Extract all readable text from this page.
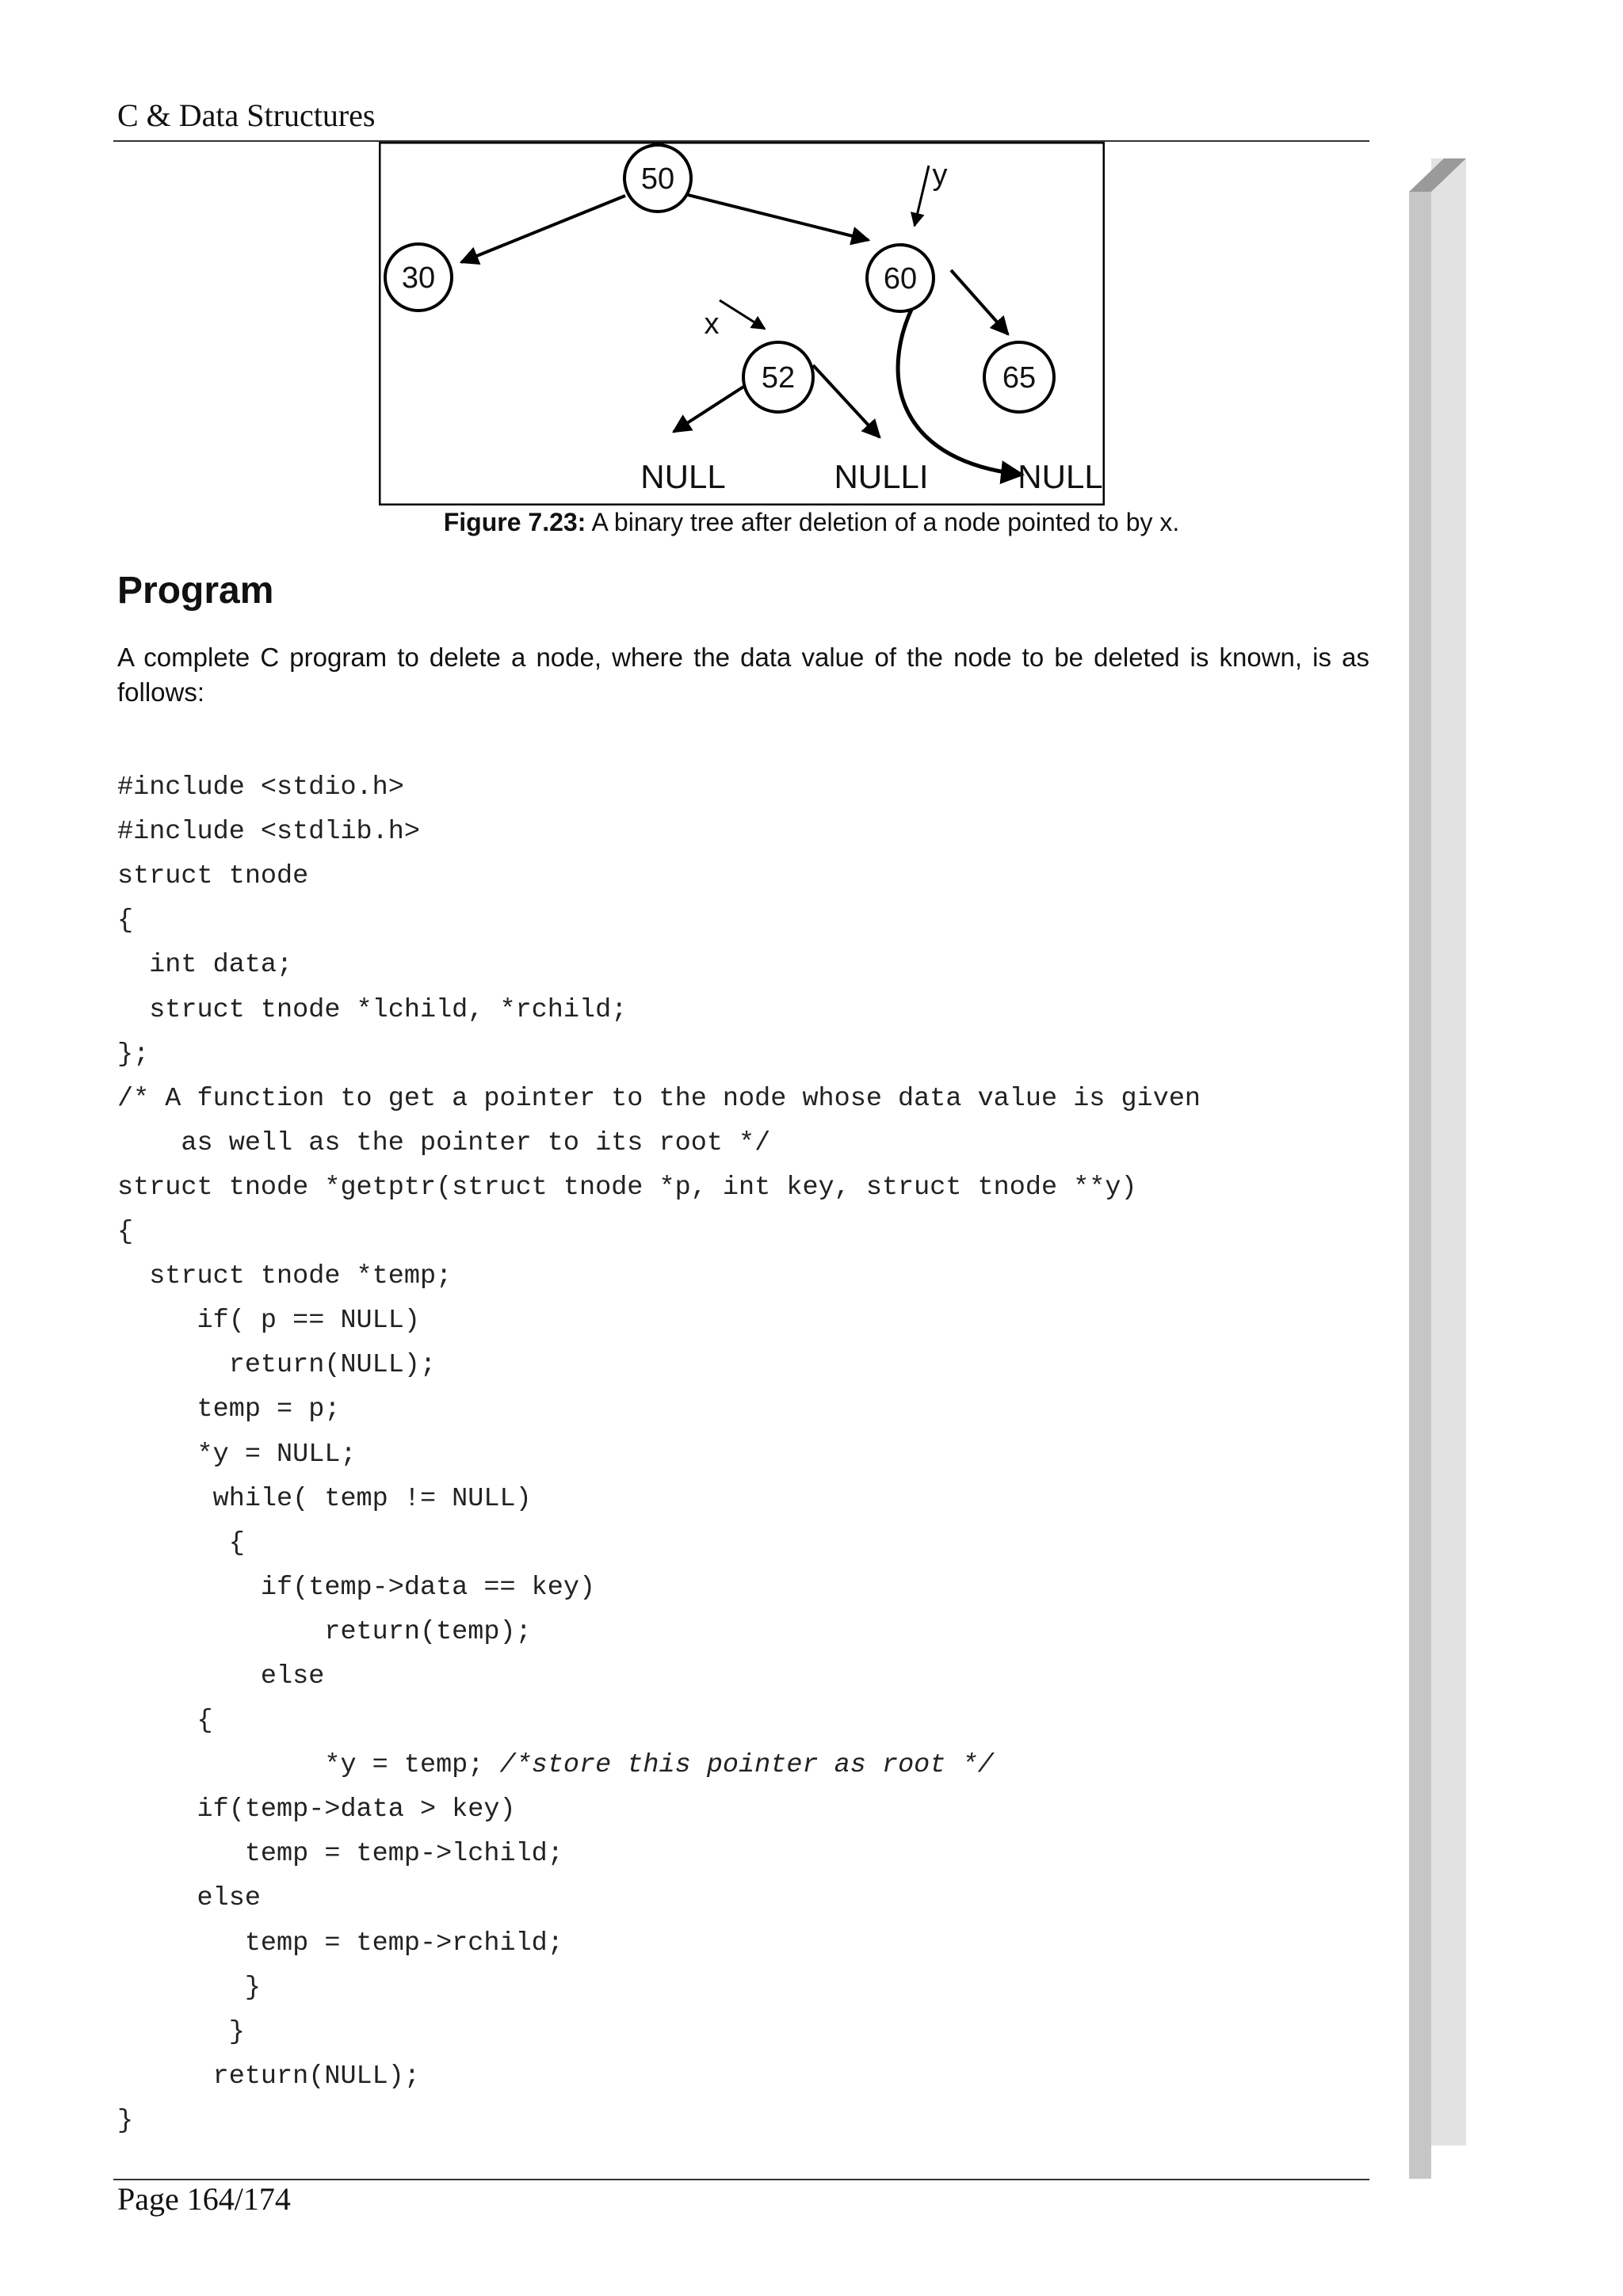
C & Data Structures
50
30	60
52	65
y
x
NULL	NULLI	NULL
Figure 7.23: A binary tree after deletion of a node pointed to by x.
Program

A complete C program to delete a node, where the data value of the node to be deleted is known, is as follows:

#include <stdio.h>
#include <stdlib.h>
struct tnode
{
int data;
struct tnode *lchild, *rchild;
};
/* A function to get a pointer to the node whose data value is given
as well as the pointer to its root */
struct tnode *getptr(struct tnode *p, int key, struct tnode **y)
{
struct tnode *temp;
if( p == NULL)
return(NULL);
temp = p;
*y = NULL;
while( temp != NULL)
{
if(temp->data == key)
return(temp);
else
{
*y = temp; /*store this pointer as root */
if(temp->data > key)
temp = temp->lchild;
else
temp = temp->rchild;
}
}
return(NULL);
}

Page 164/174
